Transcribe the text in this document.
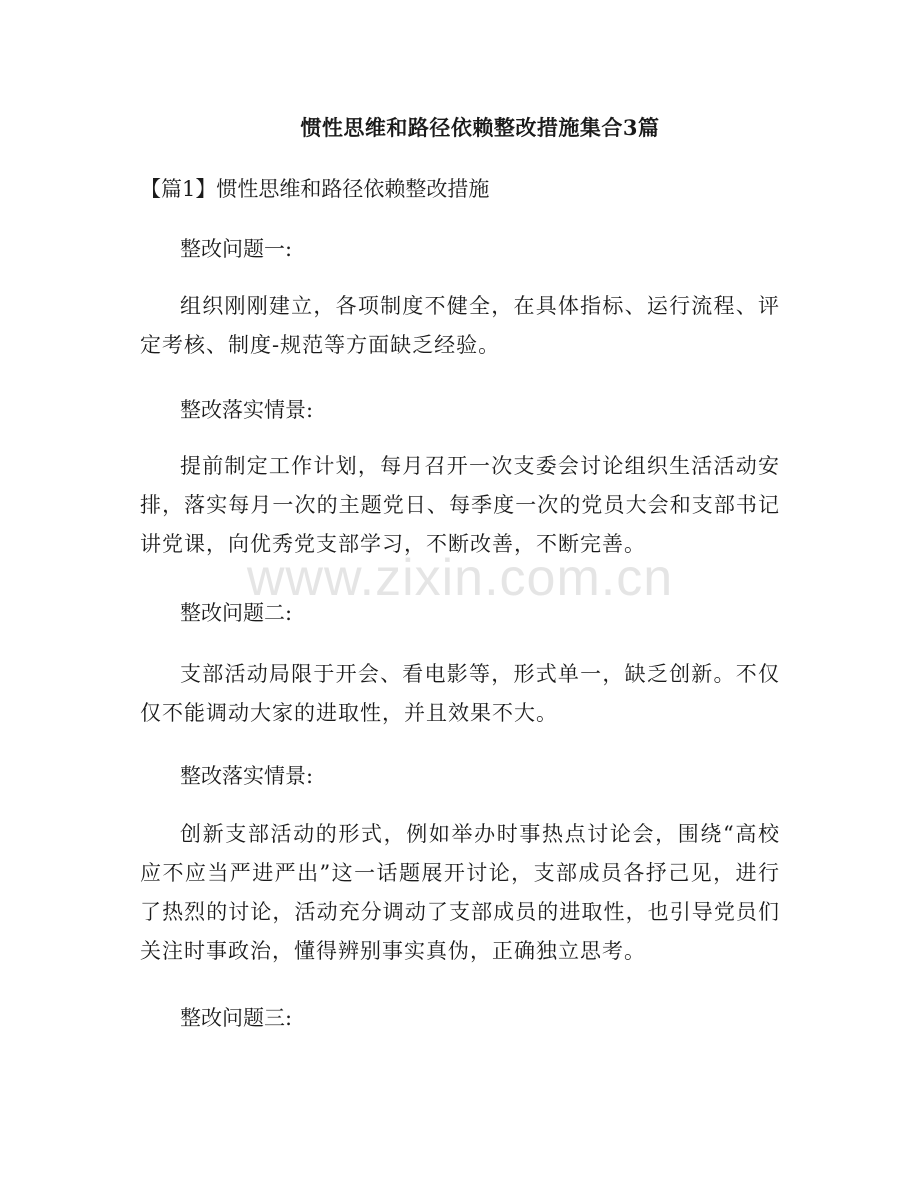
惯性思维和路径依赖整改措施集合3篇
【篇1】惯性思维和路径依赖整改措施
整改问题一:
组织刚刚建立，各项制度不健全，在具体指标、运行流程、评定考核、制度-规范等方面缺乏经验。
整改落实情景:
提前制定工作计划，每月召开一次支委会讨论组织生活活动安排，落实每月一次的主题党日、每季度一次的党员大会和支部书记讲党课，向优秀党支部学习，不断改善，不断完善。
整改问题二:
支部活动局限于开会、看电影等，形式单一，缺乏创新。不仅仅不能调动大家的进取性，并且效果不大。
整改落实情景:
创新支部活动的形式，例如举办时事热点讨论会，围绕“高校应不应当严进严出”这一话题展开讨论，支部成员各抒己见，进行了热烈的讨论，活动充分调动了支部成员的进取性，也引导党员们关注时事政治，懂得辨别事实真伪，正确独立思考。
整改问题三:
www.zixin.com.cn
